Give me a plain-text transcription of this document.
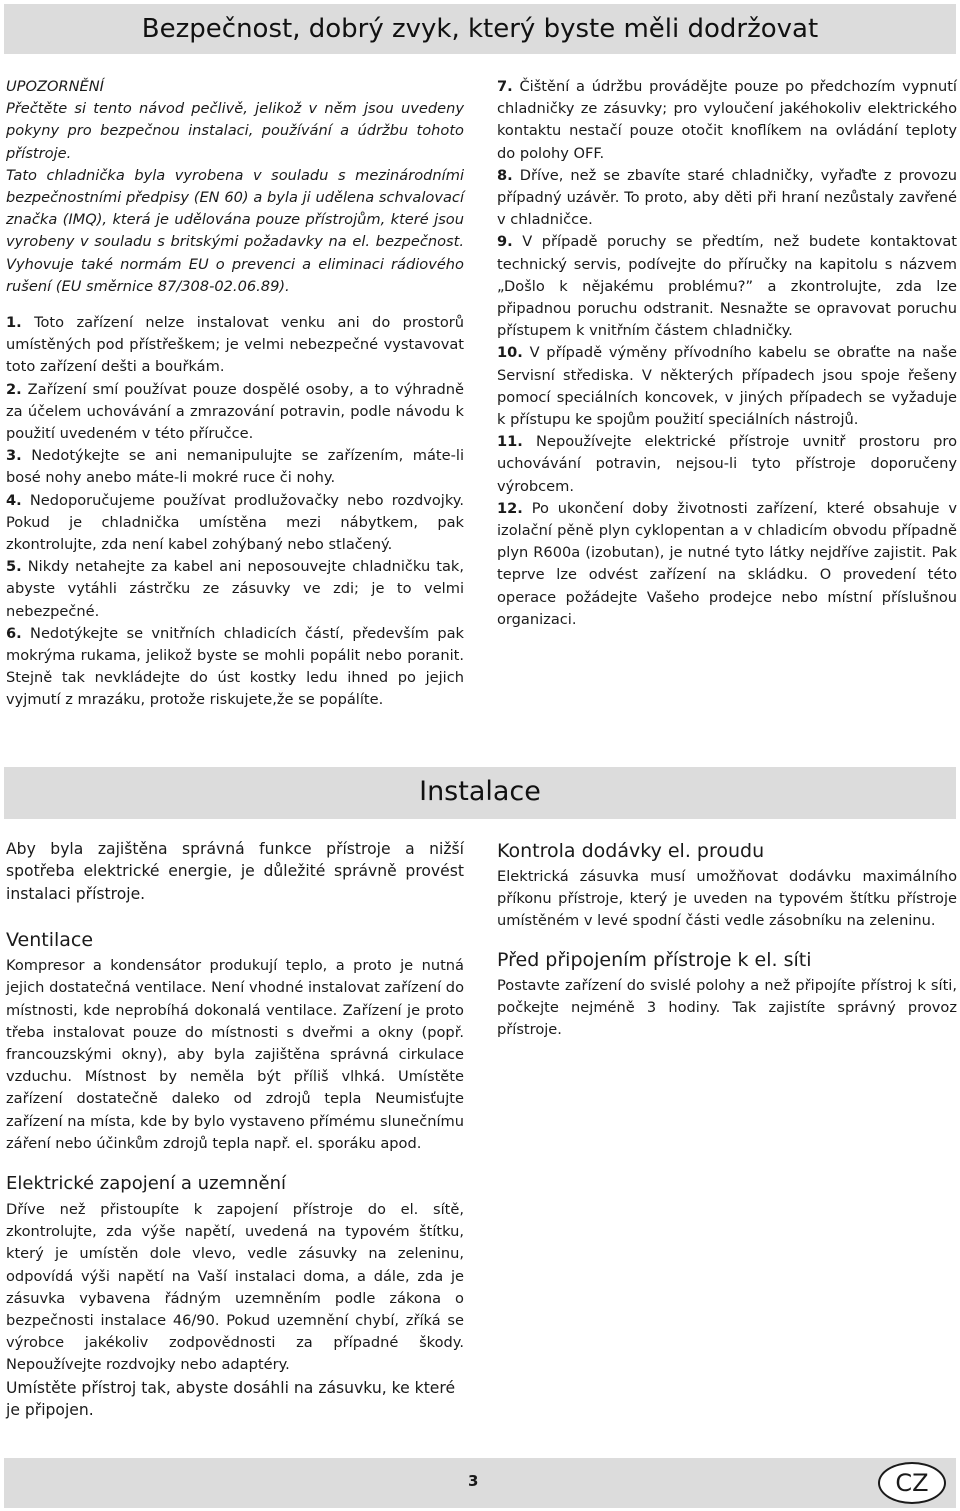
Bezpečnost, dobrý zvyk, který byste měli dodržovat

UPOZORNĚNÍ

Přečtěte si tento návod pečlivě, jelikož v něm jsou uvedeny pokyny pro bezpečnou instalaci, používání a údržbu tohoto přístroje.

Tato chladnička byla vyrobena v souladu s mezinárodními bezpečnostními předpisy (EN 60) a byla ji udělena schvalovací značka (IMQ), která je udělována pouze přístrojům, které jsou vyrobeny v souladu s britskými požadavky na el. bezpečnost. Vyhovuje také normám EU o prevenci a eliminaci rádiového rušení (EU směrnice 87/308-02.06.89).

1. Toto zařízení nelze instalovat venku ani do prostorů umístěných pod přístřeškem; je velmi nebezpečné vystavovat toto zařízení dešti a bouřkám.

2. Zařízení smí používat pouze dospělé osoby, a to výhradně za účelem uchovávání a zmrazování potravin, podle návodu k použití uvedeném v této příručce.

3. Nedotýkejte se ani nemanipulujte se zařízením, máte-li bosé nohy anebo máte-li mokré ruce či nohy.

4. Nedoporučujeme používat prodlužovačky nebo rozdvojky. Pokud je chladnička umístěna mezi nábytkem, pak zkontrolujte, zda není kabel zohýbaný nebo stlačený.

5. Nikdy netahejte za kabel ani neposouvejte chladničku tak, abyste vytáhli zástrčku ze zásuvky ve zdi; je to velmi nebezpečné.

6. Nedotýkejte se vnitřních chladicích částí, především pak mokrýma rukama, jelikož byste se mohli popálit nebo poranit. Stejně tak nevkládejte do úst kostky ledu ihned po jejich vyjmutí z mrazáku, protože riskujete,že se popálíte.

7. Čištění a údržbu provádějte pouze po předchozím vypnutí chladničky ze zásuvky; pro vyloučení jakéhokoliv elektrického kontaktu nestačí pouze otočit knoflíkem na ovládání teploty do polohy OFF.

8. Dříve, než se zbavíte staré chladničky, vyřaďte z provozu případný uzávěr. To proto, aby děti při hraní nezůstaly zavřené v chladničce.

9. V případě poruchy se předtím, než budete kontaktovat technický servis, podívejte do příručky na kapitolu s názvem „Došlo k nějakému problému?” a zkontrolujte, zda lze připadnou poruchu odstranit. Nesnažte se opravovat poruchu přístupem k vnitřním částem chladničky.

10. V případě výměny přívodního kabelu se obraťte na naše Servisní střediska. V některých případech jsou spoje řešeny pomocí speciálních koncovek, v jiných případech se vyžaduje k přístupu ke spojům použití speciálních nástrojů.

11. Nepoužívejte elektrické přístroje uvnitř prostoru pro uchovávání potravin, nejsou-li tyto přístroje doporučeny výrobcem.

12. Po ukončení doby životnosti zařízení, které obsahuje v izolační pěně plyn cyklopentan a v chladicím obvodu případně plyn R600a (izobutan), je nutné tyto látky nejdříve zajistit. Pak teprve lze odvést zařízení na skládku. O provedení této operace požádejte Vašeho prodejce nebo místní příslušnou organizaci.

Instalace

Aby byla zajištěna správná funkce přístroje a nižší spotřeba elektrické energie, je důležité správně provést instalaci přístroje.

Ventilace

Kompresor a kondensátor produkují teplo, a proto je nutná jejich dostatečná ventilace. Není vhodné instalovat zařízení do místnosti, kde neprobíhá dokonalá ventilace. Zařízení je proto třeba instalovat pouze do místnosti s dveřmi a okny (popř. francouzskými okny), aby byla zajištěna správná cirkulace vzduchu. Místnost by neměla být příliš vlhká. Umístěte zařízení dostatečně daleko od zdrojů tepla Neumisťujte zařízení na místa, kde by bylo vystaveno přímému slunečnímu záření nebo účinkům zdrojů tepla např. el. sporáku apod.

Elektrické zapojení a uzemnění

Dříve než přistoupíte k zapojení přístroje do el. sítě, zkontrolujte, zda výše napětí, uvedená na typovém štítku, který je umístěn dole vlevo, vedle zásuvky na zeleninu, odpovídá výši napětí na Vaší instalaci doma, a dále, zda je zásuvka vybavena řádným uzemněním podle zákona o bezpečnosti instalace 46/90. Pokud uzemnění chybí, zříká se výrobce jakékoliv zodpovědnosti za případné škody. Nepoužívejte rozdvojky nebo adaptéry.

Umístěte přístroj tak, abyste dosáhli na zásuvku, ke které je připojen.

Kontrola dodávky el. proudu

Elektrická zásuvka musí umožňovat dodávku maximálního příkonu přístroje, který je uveden na typovém štítku přístroje umístěném v levé spodní části vedle zásobníku na zeleninu.

Před připojením přístroje k el. síti

Postavte zařízení do svislé polohy a než připojíte přístroj k síti, počkejte nejméně 3 hodiny. Tak zajistíte správný provoz přístroje.

3	CZ
